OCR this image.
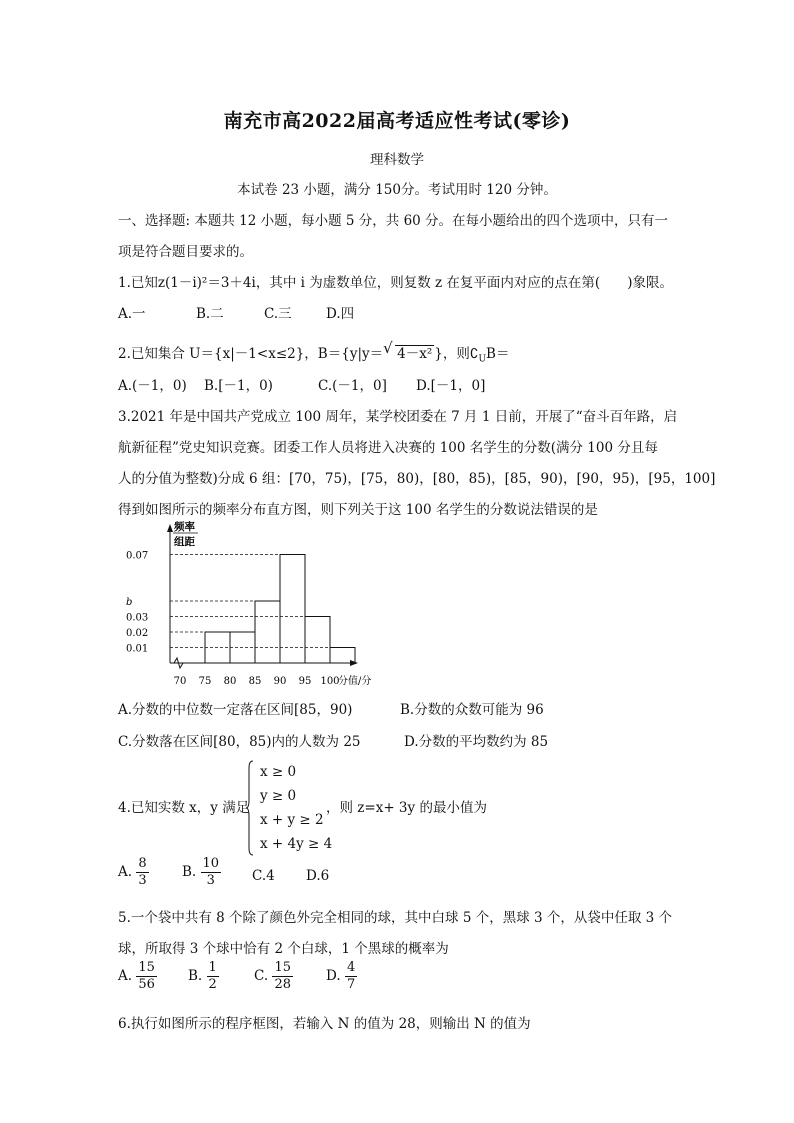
南充市高2022届高考适应性考试(零诊)
理科数学
本试卷 23 小题，满分 150分。考试用时 120 分钟。
一、选择题: 本题共 12 小题，每小题 5 分，共 60 分。在每小题给出的四个选项中，只有一
项是符合题目要求的。
1.已知z(1－i)²＝3＋4i，其中 i 为虚数单位，则复数 z 在复平面内对应的点在第(　　)象限。
A.一	B.二	C.三	D.四
2.已知集合 U＝{x|－1<x≤2}，B＝{y|y＝ √ 4－x² }，则$∁_UB=$
A.(－1，0) B.[－1，0)	C.(－1，0] D.[－1，0]
3.2021 年是中国共产党成立 100 周年，某学校团委在 7 月 1 日前，开展了“奋斗百年路，启
航新征程”党史知识竞赛。团委工作人员将进入决赛的 100 名学生的分数(满分 100 分且每
人的分值为整数)分成 6 组：[70，75)，[75，80)，[80，85)，[85，90)，[90，95)，[95，100]
得到如图所示的频率分布直方图，则下列关于这 100 名学生的分数说法错误的是
频率
组距
0.01
0.02
0.03
b
0.07
70 75 80 85 90 95 100
分值/分
A.分数的中位数一定落在区间[85，90)	B.分数的众数可能为 96
C.分数落在区间[80，85)内的人数为 25	D.分数的平均数约为 85
4.已知实数 x，y 满足
x ≥ 0
y ≥ 0
x + y ≥ 2
x + 4y ≥ 4
，则 z=x+ 3y 的最小值为
A. $\frac{8}{3} B$. $\frac{10}{3} C.4$ D.6
5.一个袋中共有 8 个除了颜色外完全相同的球，其中白球 5 个，黑球 3 个，从袋中任取 3 个
球，所取得 3 个球中恰有 2 个白球，1 个黑球的概率为
A. $\frac{15}{56} B$. $\frac{1}{2}$	C. $\frac{15}{28} D$. $\frac{4}{7}$
6.执行如图所示的程序框图，若输入 N 的值为 28，则输出 N 的值为
